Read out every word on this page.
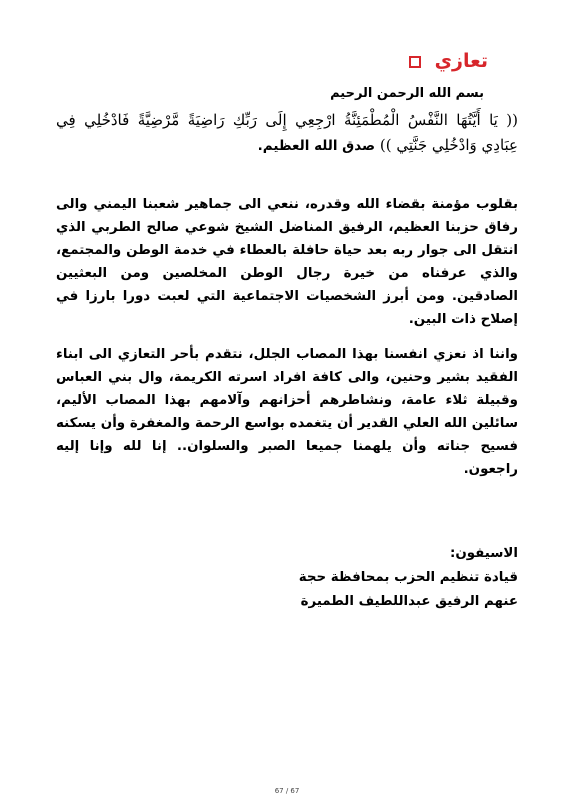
تعازي
بسم الله الرحمن الرحيم
(( يَا أَيَّتُهَا النَّفْسُ الْمُطْمَئِنَّةُ ارْجِعِي إِلَى رَبِّكِ رَاضِيَةً مَّرْضِيَّةً فَادْخُلِي فِي عِبَادِي وَادْخُلِي جَنَّتِي )) صدق الله العظيم.
بقلوب مؤمنة بقضاء الله وقدره، ننعي الى جماهير شعبنا اليمني والى رفاق حزبنا العظيم، الرفيق المناضل الشيخ شوعي صالح الطربي الذي انتقل الى جوار ربه بعد حياة حافلة بالعطاء في خدمة الوطن والمجتمع، والذي عرفناه من خيرة رجال الوطن المخلصين ومن البعثيين الصادقين. ومن أبرز الشخصيات الاجتماعية التي لعبت دورا بارزا في إصلاح ذات البين.
واننا اذ نعزي انفسنا بهذا المصاب الجلل، نتقدم بأحر التعازي الى ابناء الفقيد بشير وحنين، والى كافة افراد اسرته الكريمة، وال بني العباس وقبيلة ثلاء عامة، ونشاطرهم أحزانهم وآلامهم بهذا المصاب الأليم، سائلين الله العلي القدير أن يتغمده بواسع الرحمة والمغفرة وأن يسكنه فسيح جناته وأن يلهمنا جميعا الصبر والسلوان.. إنا لله وإنا إليه راجعون.
الاسيفون:
قيادة تنظيم الحزب بمحافظة حجة
عنهم الرفيق عبداللطيف الطميرة
67 / 67
